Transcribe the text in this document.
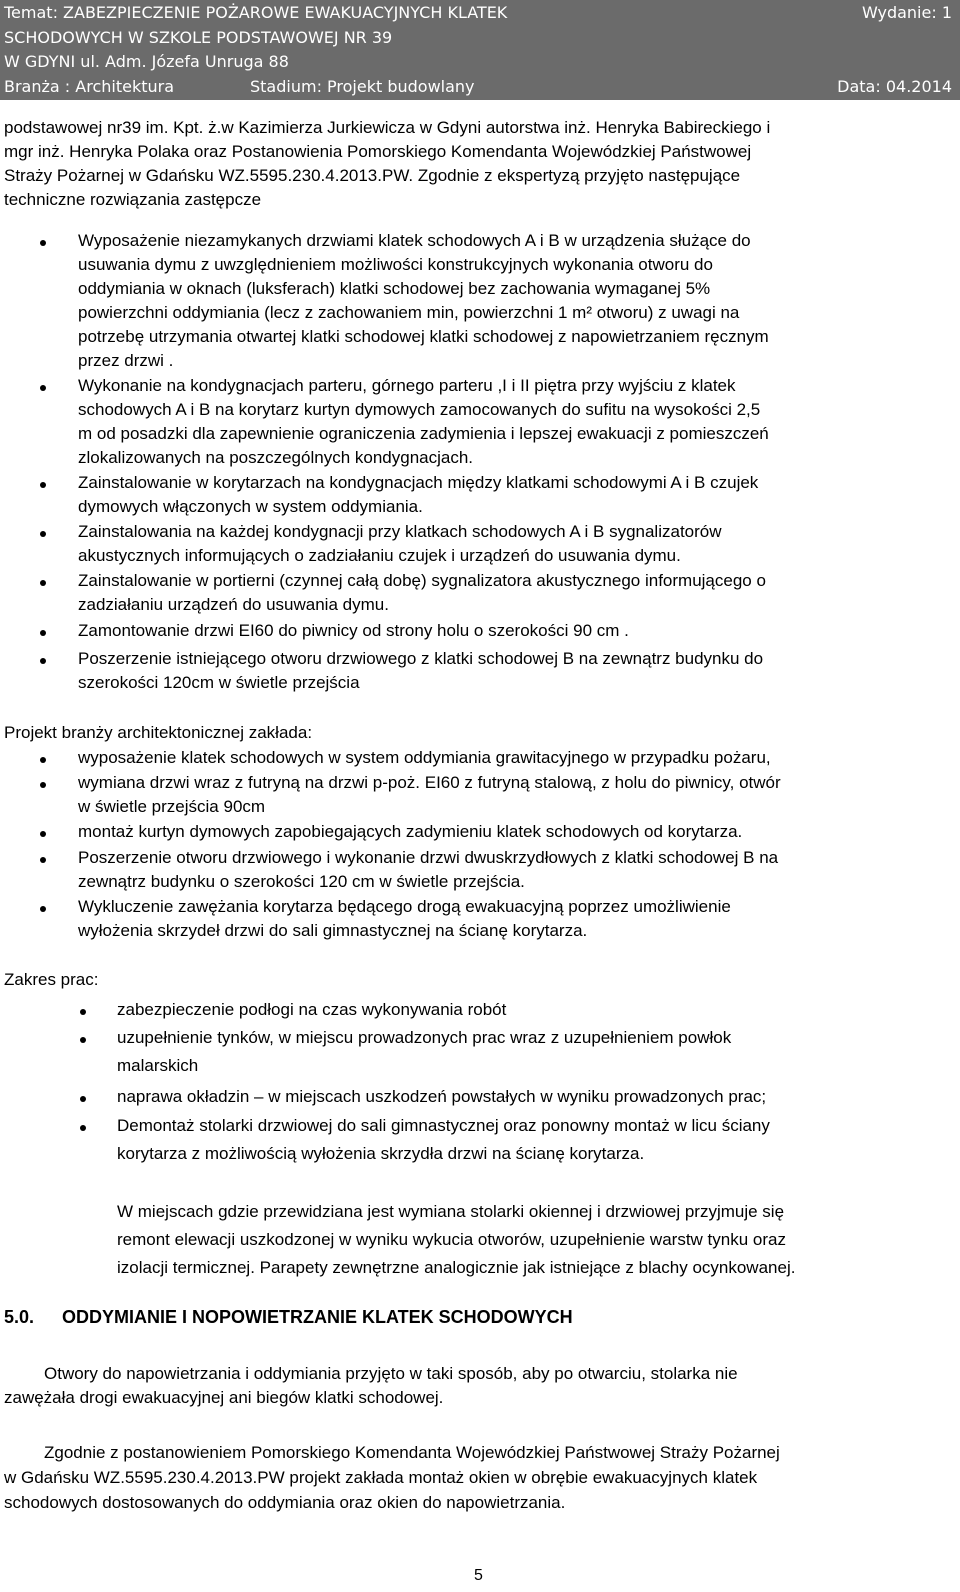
Temat: ZABEZPIECZENIE POŻAROWE EWAKUACYJNYCH KLATEK	Wydanie: 1
SCHODOWYCH W SZKOLE PODSTAWOWEJ NR 39
W GDYNI ul. Adm. Józefa Unruga 88
Branża : Architektura	Stadium: Projekt budowlany	Data: 04.2014
podstawowej nr39 im. Kpt. ż.w Kazimierza Jurkiewicza w Gdyni autorstwa inż. Henryka Babireckiego i
mgr inż. Henryka Polaka oraz Postanowienia Pomorskiego Komendanta Wojewódzkiej Państwowej
Straży Pożarnej w Gdańsku WZ.5595.230.4.2013.PW. Zgodnie z ekspertyzą przyjęto następujące
techniczne rozwiązania zastępcze
Wyposażenie niezamykanych drzwiami klatek schodowych A i B w urządzenia służące do
usuwania dymu z uwzględnieniem możliwości konstrukcyjnych wykonania otworu do
oddymiania w oknach (luksferach) klatki schodowej bez zachowania wymaganej 5%
powierzchni oddymiania (lecz z zachowaniem min, powierzchni 1 m² otworu) z uwagi na
potrzebę utrzymania otwartej klatki schodowej klatki schodowej z napowietrzaniem ręcznym
przez drzwi .
Wykonanie na kondygnacjach parteru, górnego parteru ,I i II piętra przy wyjściu z klatek
schodowych A i B na korytarz kurtyn dymowych zamocowanych do sufitu na wysokości 2,5
m od posadzki dla zapewnienie ograniczenia zadymienia i lepszej ewakuacji z pomieszczeń
zlokalizowanych na poszczególnych kondygnacjach.
Zainstalowanie w korytarzach na kondygnacjach między klatkami schodowymi A i B czujek
dymowych włączonych w system oddymiania.
Zainstalowania na każdej kondygnacji przy klatkach schodowych A i B sygnalizatorów
akustycznych informujących o zadziałaniu czujek i urządzeń do usuwania dymu.
Zainstalowanie w portierni (czynnej całą dobę) sygnalizatora akustycznego informującego o
zadziałaniu urządzeń do usuwania dymu.
Zamontowanie drzwi EI60 do piwnicy od strony holu o szerokości 90 cm .
Poszerzenie istniejącego otworu drzwiowego z klatki schodowej B na zewnątrz budynku do
szerokości 120cm w świetle przejścia
Projekt branży architektonicznej zakłada:
wyposażenie klatek schodowych w system oddymiania grawitacyjnego w przypadku pożaru,
wymiana drzwi wraz z futryną na drzwi p-poż. EI60 z futryną stalową, z holu do piwnicy, otwór
w świetle przejścia 90cm
montaż kurtyn dymowych zapobiegających zadymieniu klatek schodowych od korytarza.
Poszerzenie otworu drzwiowego i wykonanie drzwi dwuskrzydłowych z klatki schodowej B na
zewnątrz budynku o szerokości 120 cm w świetle przejścia.
Wykluczenie zawężania korytarza będącego drogą ewakuacyjną poprzez umożliwienie
wyłożenia skrzydeł drzwi do sali gimnastycznej na ścianę korytarza.
Zakres prac:
zabezpieczenie podłogi na czas wykonywania robót
uzupełnienie tynków, w miejscu prowadzonych prac wraz z uzupełnieniem powłok
malarskich
naprawa okładzin – w miejscach uszkodzeń powstałych w wyniku prowadzonych prac;
Demontaż stolarki drzwiowej do sali gimnastycznej oraz ponowny montaż w licu ściany
korytarza z możliwością wyłożenia skrzydła drzwi na ścianę korytarza.
W miejscach gdzie przewidziana jest wymiana stolarki okiennej i drzwiowej przyjmuje się
remont elewacji uszkodzonej w wyniku wykucia otworów, uzupełnienie warstw tynku oraz
izolacji termicznej. Parapety zewnętrzne analogicznie jak istniejące z blachy ocynkowanej.
5.0. ODDYMIANIE I NOPOWIETRZANIE KLATEK SCHODOWYCH
Otwory do napowietrzania i oddymiania przyjęto w taki sposób, aby po otwarciu, stolarka nie
zawężała drogi ewakuacyjnej ani biegów klatki schodowej.
Zgodnie z postanowieniem Pomorskiego Komendanta Wojewódzkiej Państwowej Straży Pożarnej
w Gdańsku WZ.5595.230.4.2013.PW projekt zakłada montaż okien w obrębie ewakuacyjnych klatek
schodowych dostosowanych do oddymiania oraz okien do napowietrzania.
5
